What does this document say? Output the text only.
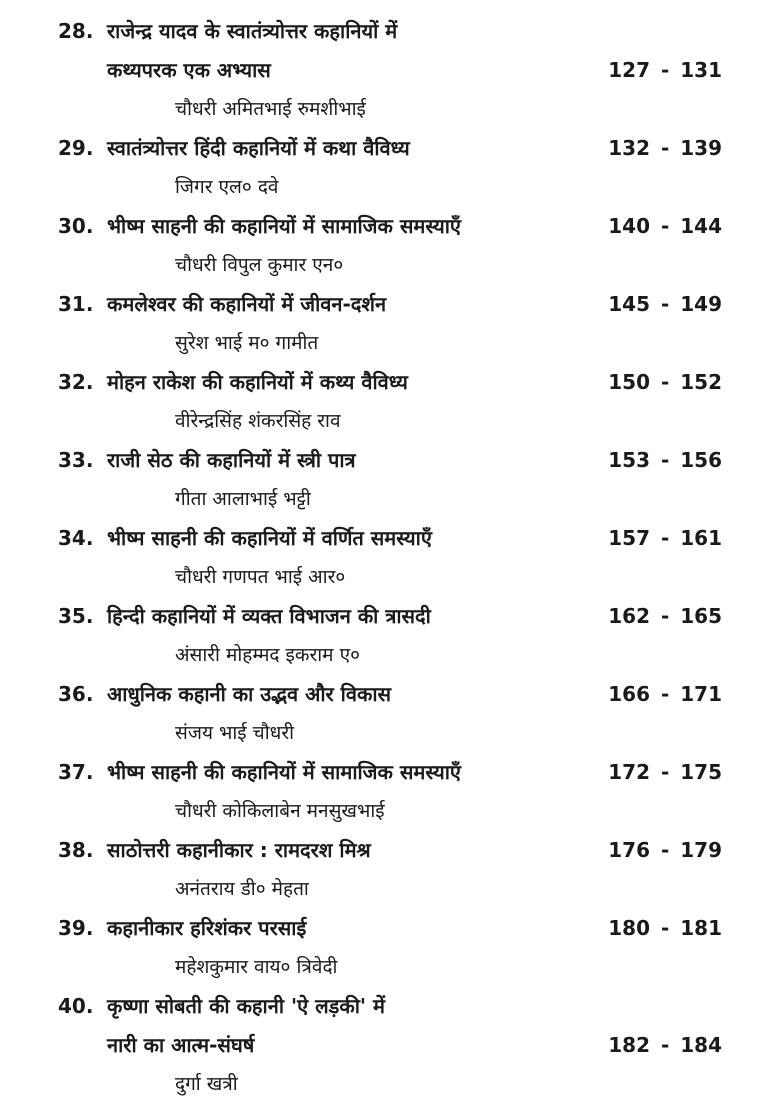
28. राजेन्द्र यादव के स्वातंत्र्योत्तर कहानियों में
कथ्यपरक एक अभ्यास	127 - 131
चौधरी अमितभाई रुमशीभाई
29. स्वातंत्र्योत्तर हिंदी कहानियों में कथा वैविध्य	132 - 139
जिगर एल० दवे
30. भीष्म साहनी की कहानियों में सामाजिक समस्याएँ	140 - 144
चौधरी विपुल कुमार एन०
31. कमलेश्वर की कहानियों में जीवन-दर्शन	145 - 149
सुरेश भाई म० गामीत
32. मोहन राकेश की कहानियों में कथ्य वैविध्य	150 - 152
वीरेन्द्रसिंह शंकरसिंह राव
33. राजी सेठ की कहानियों में स्त्री पात्र	153 - 156
गीता आलाभाई भट्टी
34. भीष्म साहनी की कहानियों में वर्णित समस्याएँ	157 - 161
चौधरी गणपत भाई आर०
35. हिन्दी कहानियों में व्यक्त विभाजन की त्रासदी	162 - 165
अंसारी मोहम्मद इकराम ए०
36. आधुनिक कहानी का उद्भव और विकास	166 - 171
संजय भाई चौधरी
37. भीष्म साहनी की कहानियों में सामाजिक समस्याएँ	172 - 175
चौधरी कोकिलाबेन मनसुखभाई
38. साठोत्तरी कहानीकार : रामदरश मिश्र	176 - 179
अनंतराय डी० मेहता
39. कहानीकार हरिशंकर परसाई	180 - 181
महेशकुमार वाय० त्रिवेदी
40. कृष्णा सोबती की कहानी 'ऐ लड़की' में
नारी का आत्म-संघर्ष	182 - 184
दुर्गा खत्री
